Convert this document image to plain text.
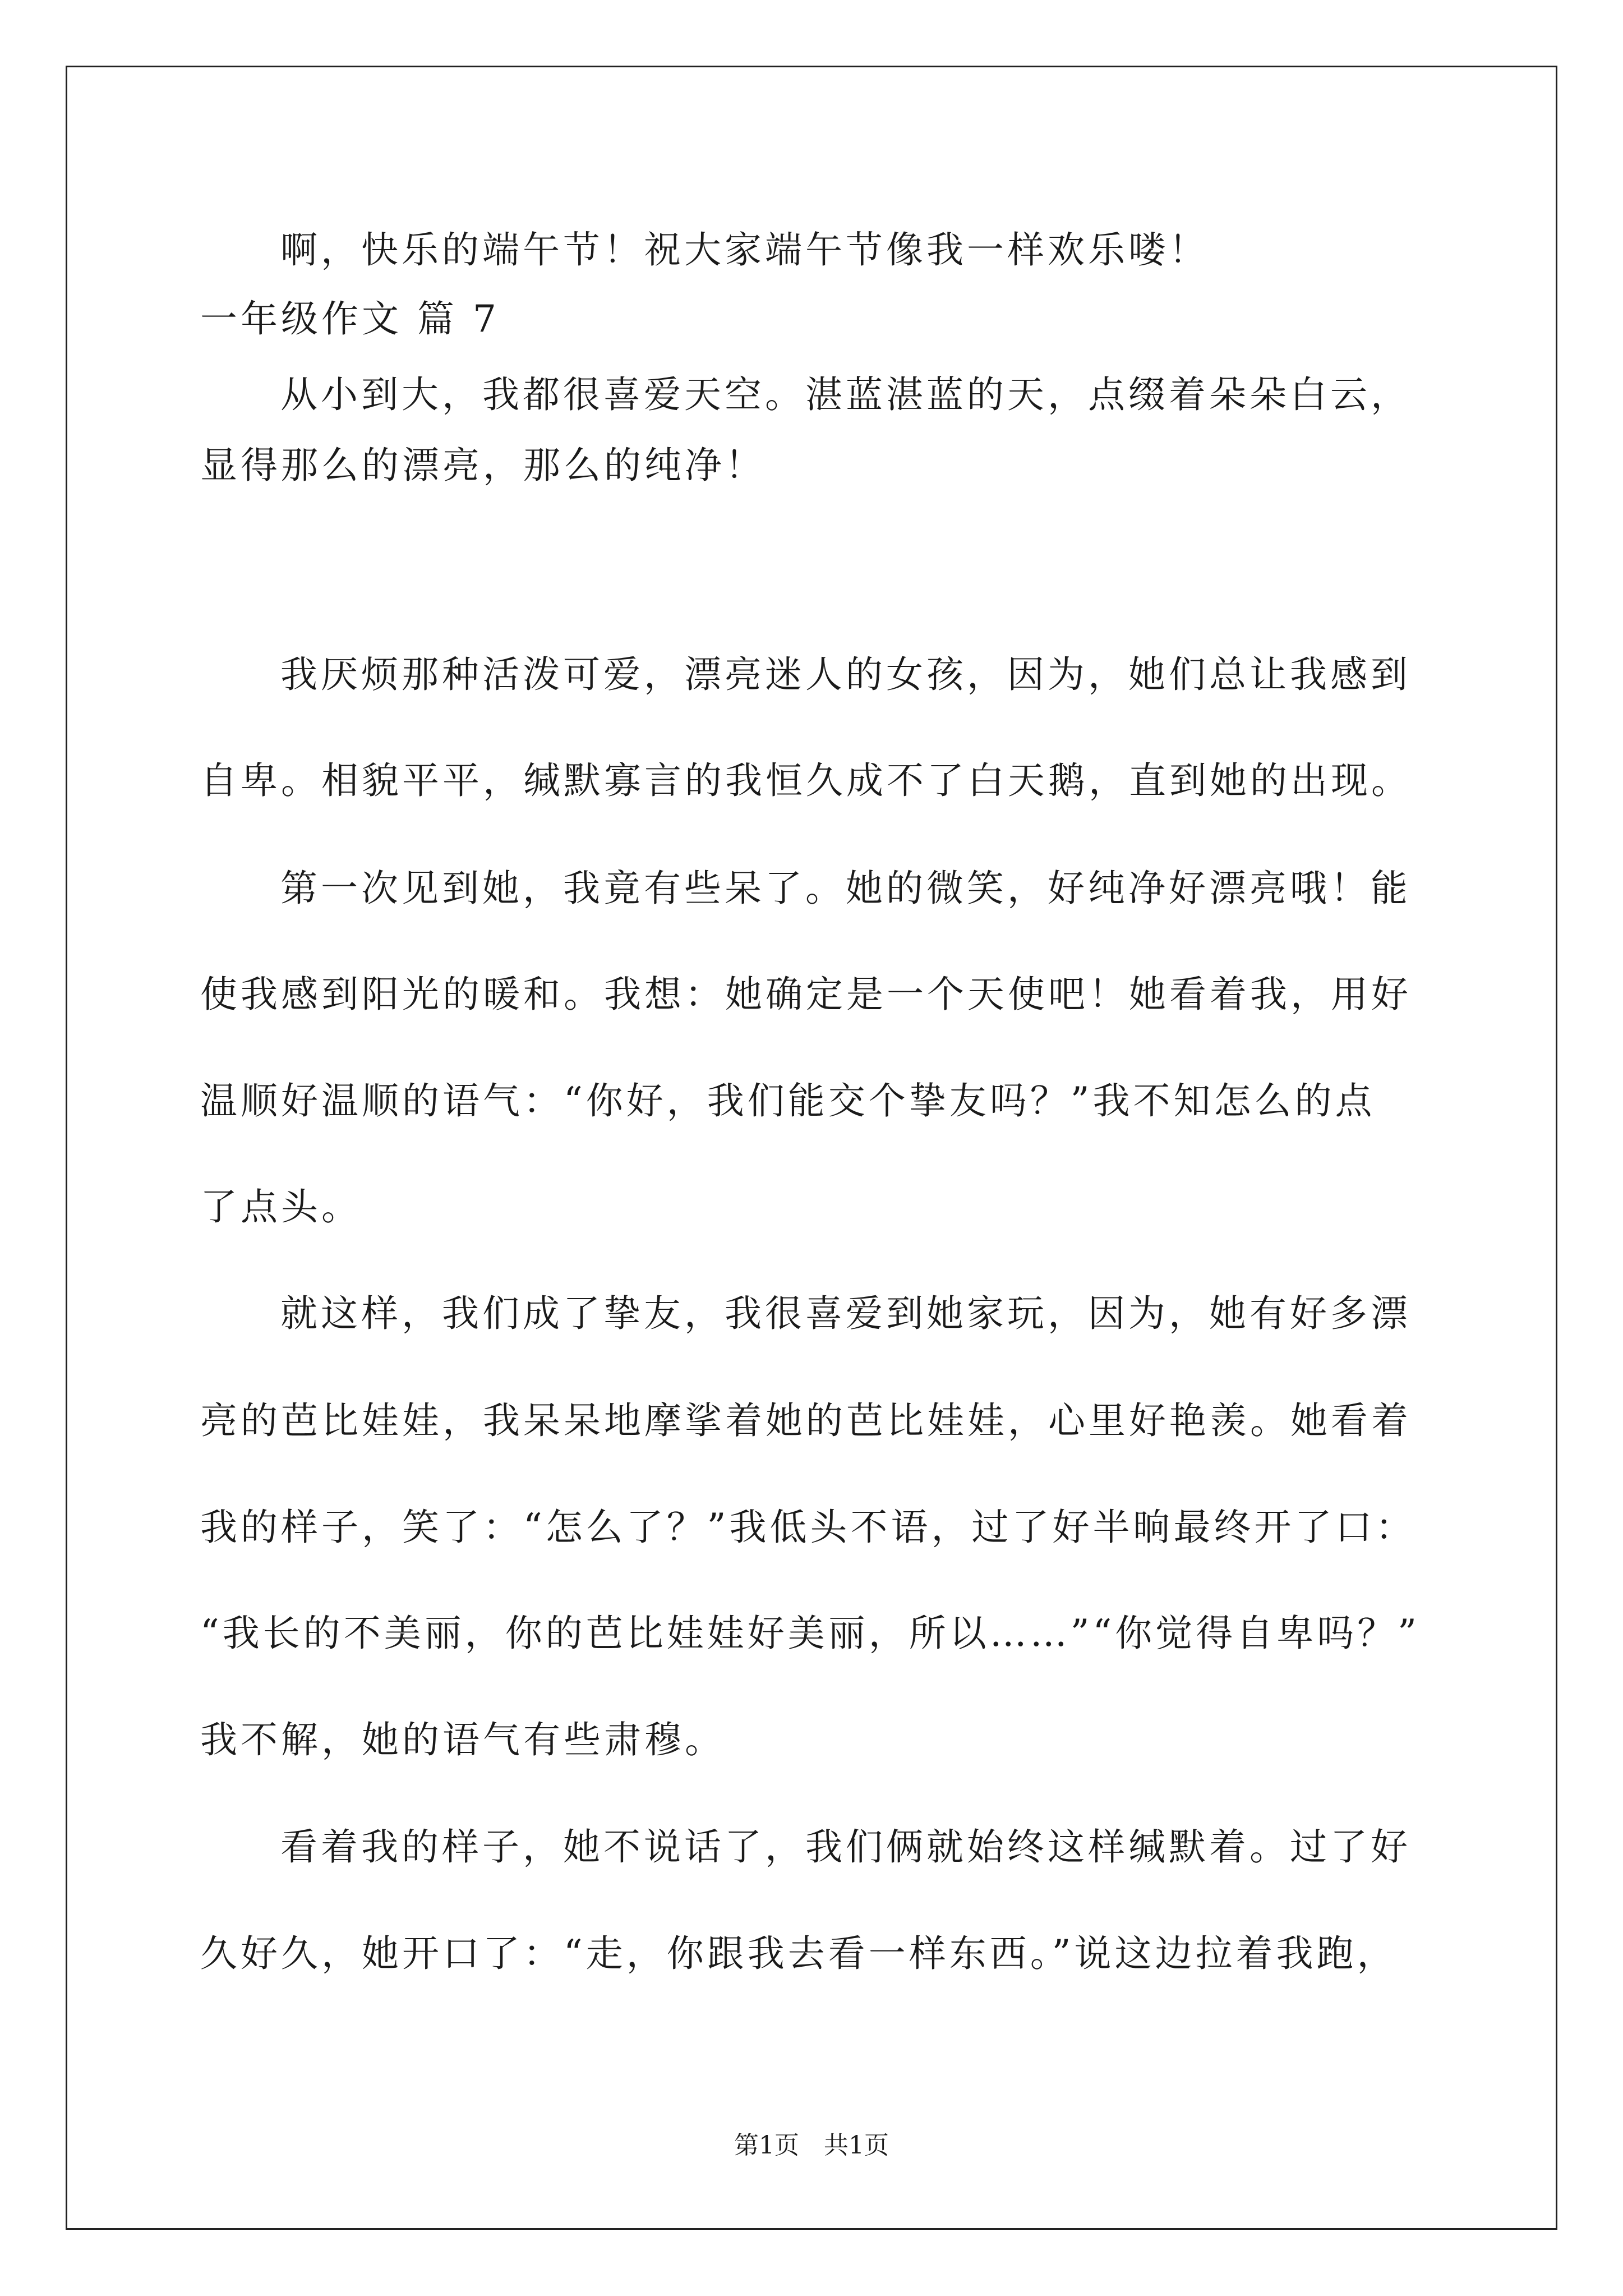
啊，快乐的端午节！祝大家端午节像我一样欢乐喽！
一年级作文 篇 7
从小到大，我都很喜爱天空。湛蓝湛蓝的天，点缀着朵朵白云，
显得那么的漂亮，那么的纯净！
我厌烦那种活泼可爱，漂亮迷人的女孩，因为，她们总让我感到
自卑。相貌平平，缄默寡言的我恒久成不了白天鹅，直到她的出现。
第一次见到她，我竟有些呆了。她的微笑，好纯净好漂亮哦！能
使我感到阳光的暖和。我想：她确定是一个天使吧！她看着我，用好
温顺好温顺的语气：“你好，我们能交个挚友吗？”我不知怎么的点
了点头。
就这样，我们成了挚友，我很喜爱到她家玩，因为，她有好多漂
亮的芭比娃娃，我呆呆地摩挲着她的芭比娃娃，心里好艳羡。她看着
我的样子，笑了：“怎么了？”我低头不语，过了好半晌最终开了口：
“我长的不美丽，你的芭比娃娃好美丽，所以……”“你觉得自卑吗？”
我不解，她的语气有些肃穆。
看着我的样子，她不说话了，我们俩就始终这样缄默着。过了好
久好久，她开口了：“走，你跟我去看一样东西。”说这边拉着我跑，
第1页　共1页
